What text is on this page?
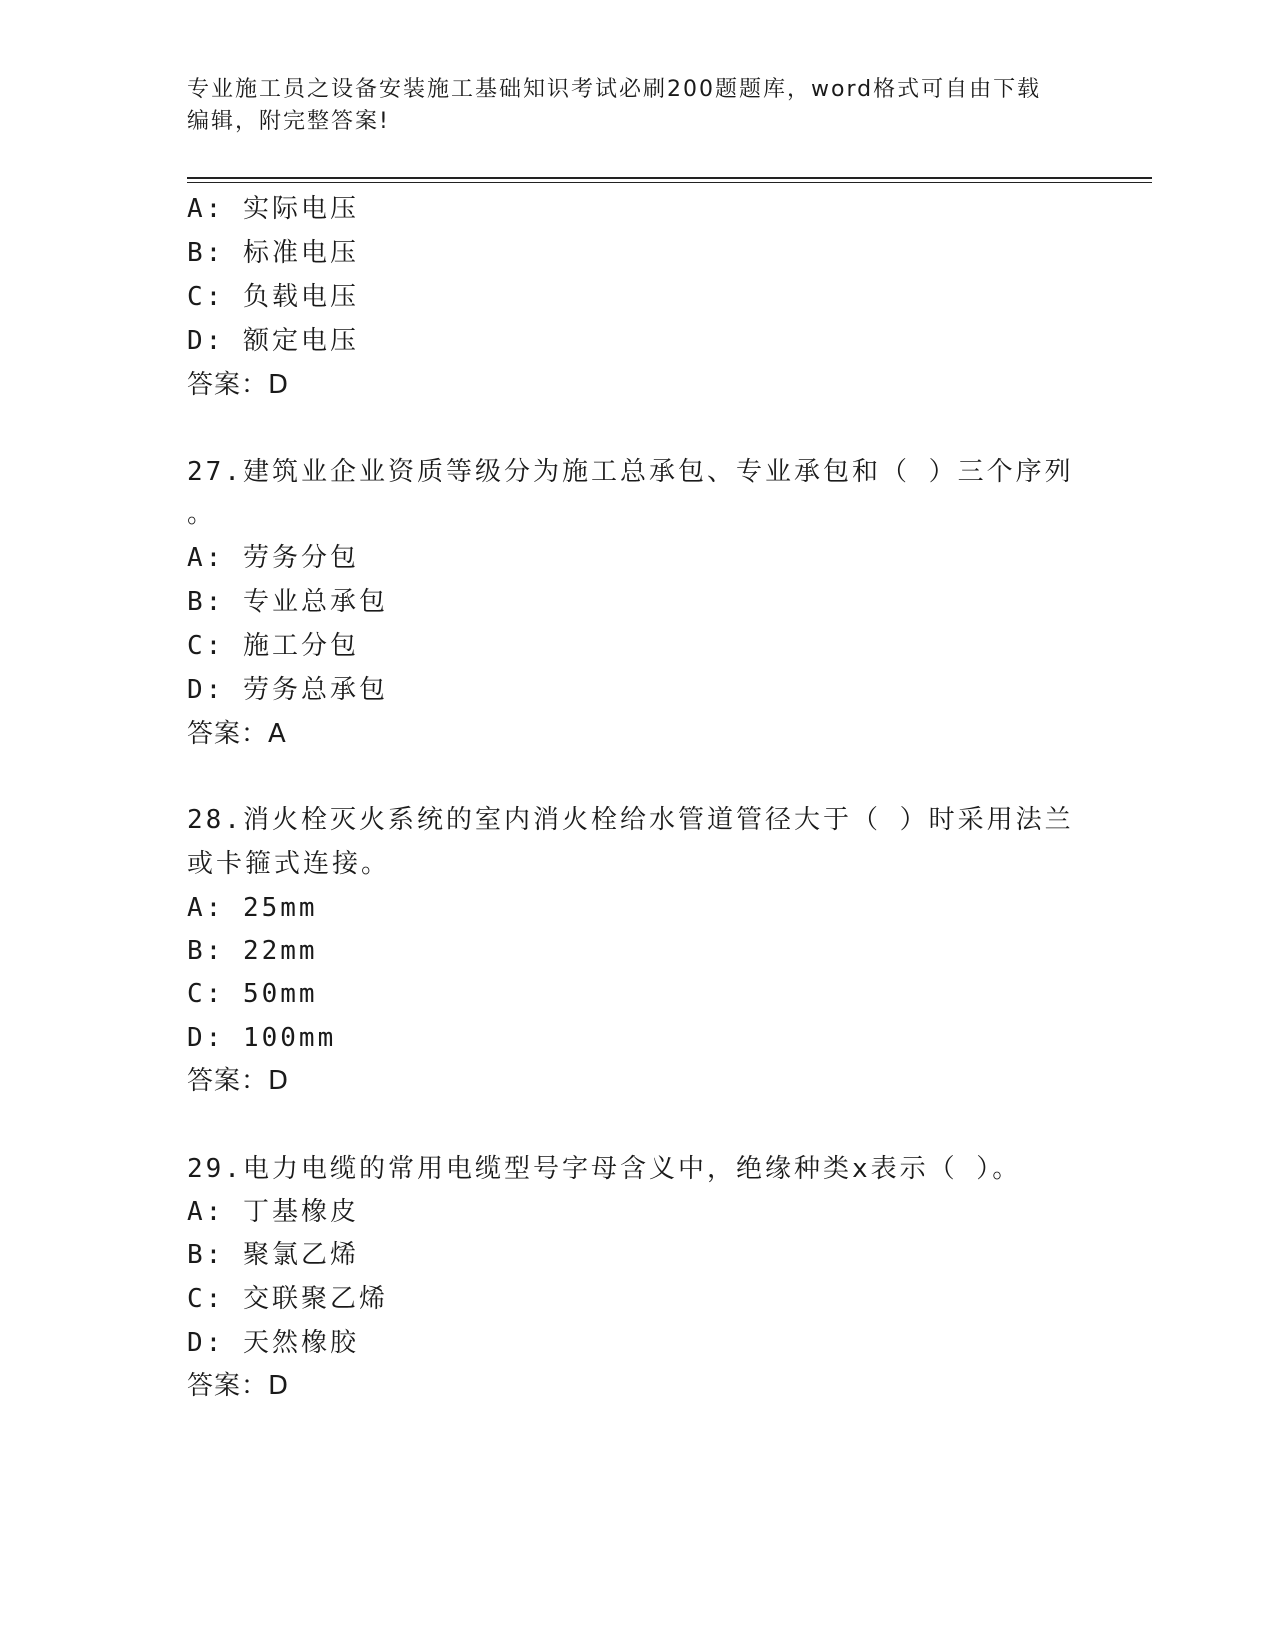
专业施工员之设备安装施工基础知识考试必刷200题题库，word格式可自由下载
编辑，附完整答案!
A: 实际电压
B: 标准电压
C: 负载电压
D: 额定电压
答案：D
27.建筑业企业资质等级分为施工总承包、专业承包和（ ）三个序列
。
A: 劳务分包
B: 专业总承包
C: 施工分包
D: 劳务总承包
答案：A
28.消火栓灭火系统的室内消火栓给水管道管径大于（ ）时采用法兰
或卡箍式连接。
A: 25mm
B: 22mm
C: 50mm
D: 100mm
答案：D
29.电力电缆的常用电缆型号字母含义中，绝缘种类x表示（ ）。
A: 丁基橡皮
B: 聚氯乙烯
C: 交联聚乙烯
D: 天然橡胶
答案：D
